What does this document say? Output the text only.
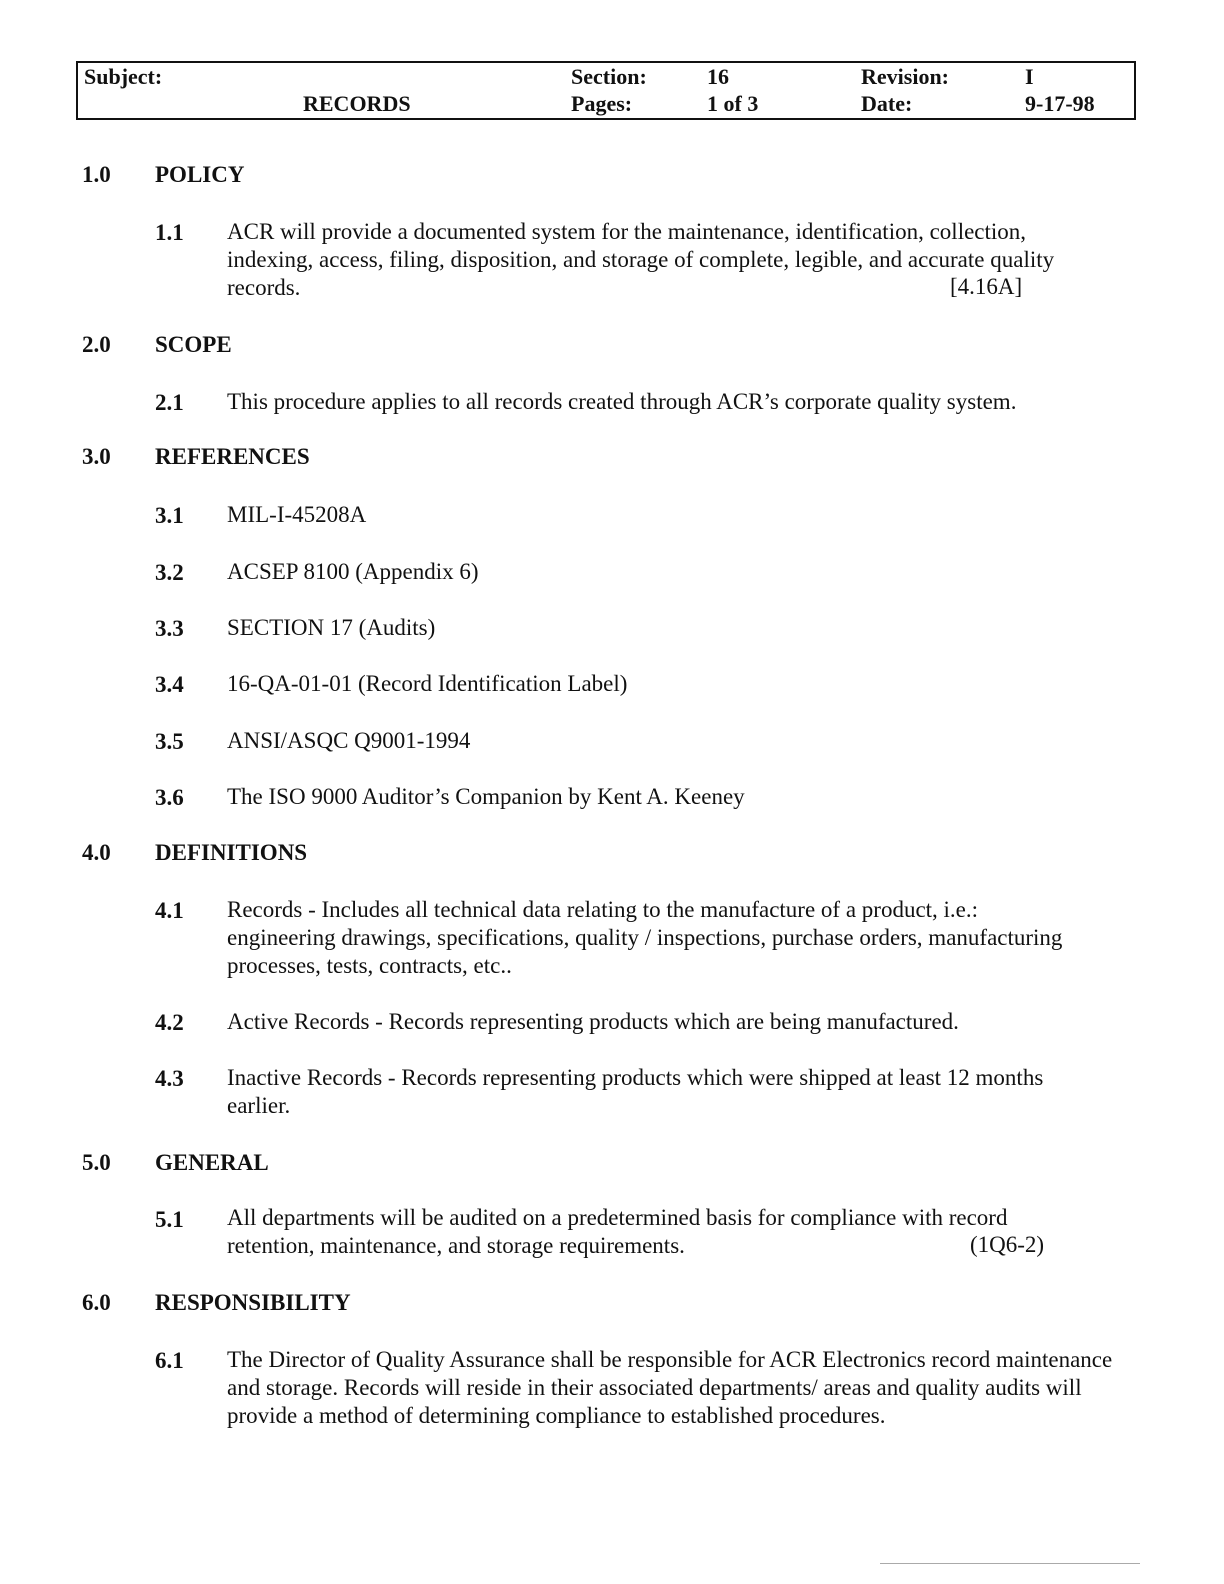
Subject:
RECORDS
Section:
Pages:
16
1 of 3
Revision:
Date:
I
9-17-98
1.0 POLICY
1.1 ACR will provide a documented system for the maintenance, identification, collection,
indexing, access, filing, disposition, and storage of complete, legible, and accurate quality
records.	[4.16A]
2.0 SCOPE
2.1 This procedure applies to all records created through ACR’s corporate quality system.
3.0 REFERENCES
3.1 MIL-I-45208A
3.2 ACSEP 8100 (Appendix 6)
3.3 SECTION 17 (Audits)
3.4 16-QA-01-01 (Record Identification Label)
3.5 ANSI/ASQC Q9001-1994
3.6 The ISO 9000 Auditor’s Companion by Kent A. Keeney
4.0 DEFINITIONS
4.1 Records - Includes all technical data relating to the manufacture of a product, i.e.:
engineering drawings, specifications, quality / inspections, purchase orders, manufacturing
processes, tests, contracts, etc..
4.2 Active Records - Records representing products which are being manufactured.
4.3 Inactive Records - Records representing products which were shipped at least 12 months
earlier.
5.0 GENERAL
5.1 All departments will be audited on a predetermined basis for compliance with record
retention, maintenance, and storage requirements.	(1Q6-2)
6.0 RESPONSIBILITY
6.1 The Director of Quality Assurance shall be responsible for ACR Electronics record maintenance
and storage. Records will reside in their associated departments/ areas and quality audits will
provide a method of determining compliance to established procedures.
